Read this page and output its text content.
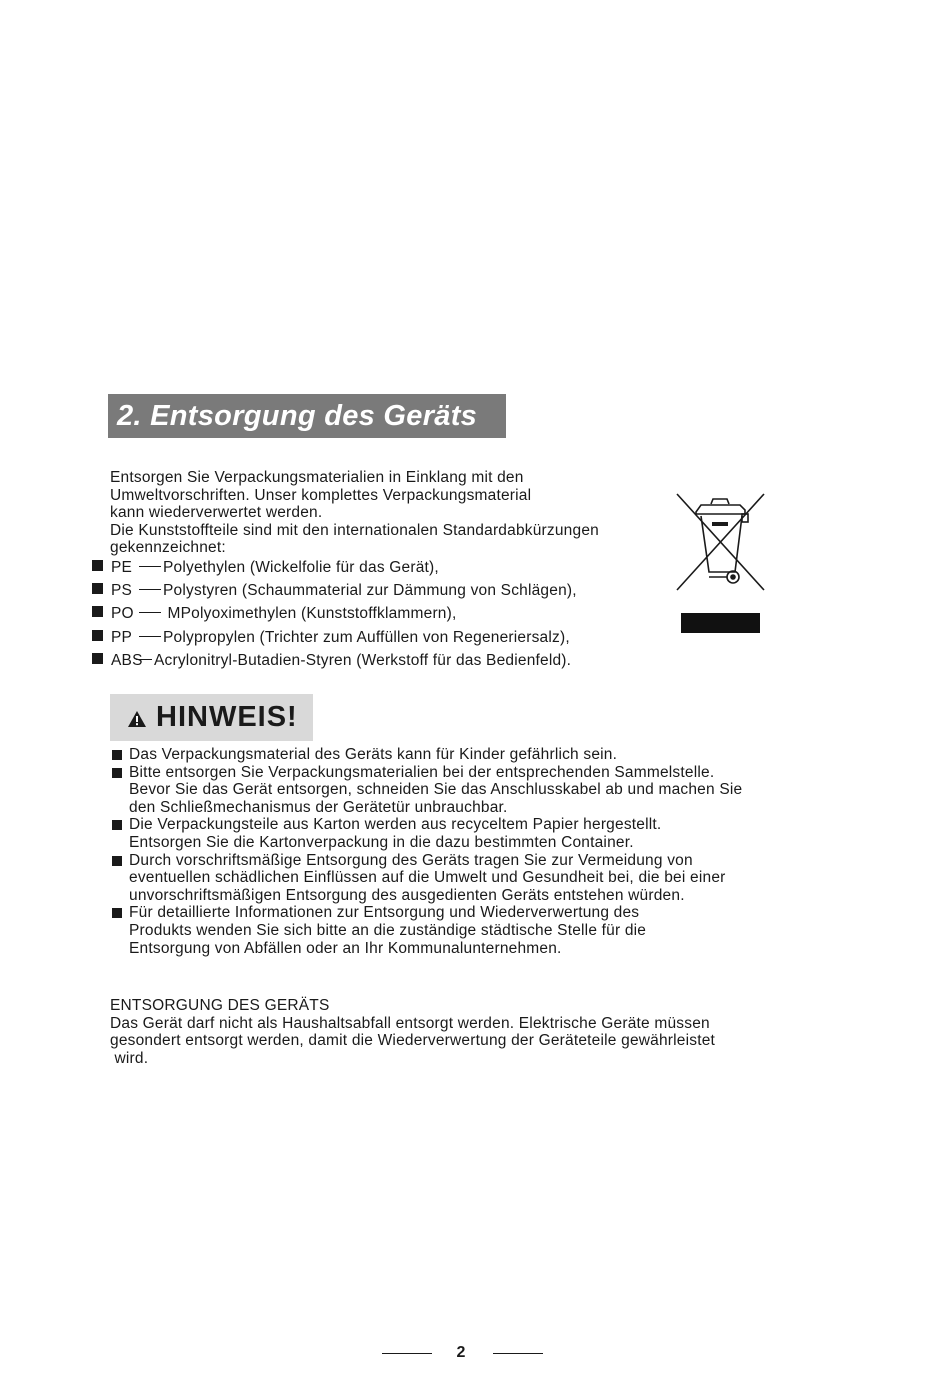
2. Entsorgung des Geräts
Entsorgen Sie Verpackungsmaterialien in Einklang mit den
Umweltvorschriften. Unser komplettes Verpackungsmaterial
kann wiederverwertet werden.
Die Kunststoffteile sind mit den internationalen Standardabkürzungen
gekennzeichnet:
PE Polyethylen (Wickelfolie für das Gerät),
PS Polystyren (Schaummaterial zur Dämmung von Schlägen),
PO MPolyoximethylen (Kunststoffklammern),
PP Polypropylen (Trichter zum Auffüllen von Regeneriersalz),
ABS Acrylonitryl-Butadien-Styren (Werkstoff für das Bedienfeld).
HINWEIS!
Das Verpackungsmaterial des Geräts kann für Kinder gefährlich sein.
Bitte entsorgen Sie Verpackungsmaterialien bei der entsprechenden Sammelstelle.
Bevor Sie das Gerät entsorgen, schneiden Sie das Anschlusskabel ab und machen Sie
den Schließmechanismus der Gerätetür unbrauchbar.
Die Verpackungsteile aus Karton werden aus recyceltem Papier hergestellt.
Entsorgen Sie die Kartonverpackung in die dazu bestimmten Container.
Durch vorschriftsmäßige Entsorgung des Geräts tragen Sie zur Vermeidung von
eventuellen schädlichen Einflüssen auf die Umwelt und Gesundheit bei, die bei einer
unvorschriftsmäßigen Entsorgung des ausgedienten Geräts entstehen würden.
Für detaillierte Informationen zur Entsorgung und Wiederverwertung des
Produkts wenden Sie sich bitte an die zuständige städtische Stelle für die
Entsorgung von Abfällen oder an Ihr Kommunalunternehmen.
ENTSORGUNG DES GERÄTS
Das Gerät darf nicht als Haushaltsabfall entsorgt werden. Elektrische Geräte müssen
gesondert entsorgt werden, damit die Wiederverwertung der Geräteteile gewährleistet
wird.
2
